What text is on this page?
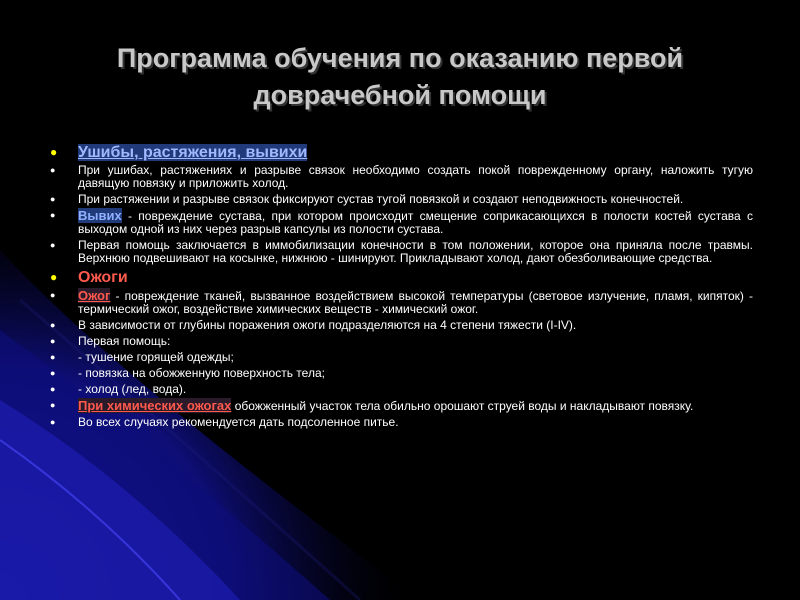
Программа обучения по оказанию первой
доврачебной помощи
● Ушибы, растяжения, вывихи
● При ушибах, растяжениях и разрыве связок необходимо создать покой поврежденному органу, наложить тугую давящую повязку и приложить холод.
● При растяжении и разрыве связок фиксируют сустав тугой повязкой и создают неподвижность конечностей.
● Вывих - повреждение сустава, при котором происходит смещение соприкасающихся в полости костей сустава с выходом одной из них через разрыв капсулы из полости сустава.
● Первая помощь заключается в иммобилизации конечности в том положении, которое она приняла после травмы. Верхнюю подвешивают на косынке, нижнюю - шинируют. Прикладывают холод, дают обезболивающие средства.
● Ожоги
● Ожог - повреждение тканей, вызванное воздействием высокой температуры (световое излучение, пламя, кипяток) - термический ожог, воздействие химических веществ - химический ожог.
● В зависимости от глубины поражения ожоги подразделяются на 4 степени тяжести (I-IV).
● Первая помощь:
● - тушение горящей одежды;
● - повязка на обожженную поверхность тела;
● - холод (лед, вода).
● При химических ожогах обожженный участок тела обильно орошают струей воды и накладывают повязку.
● Во всех случаях рекомендуется дать подсоленное питье.
